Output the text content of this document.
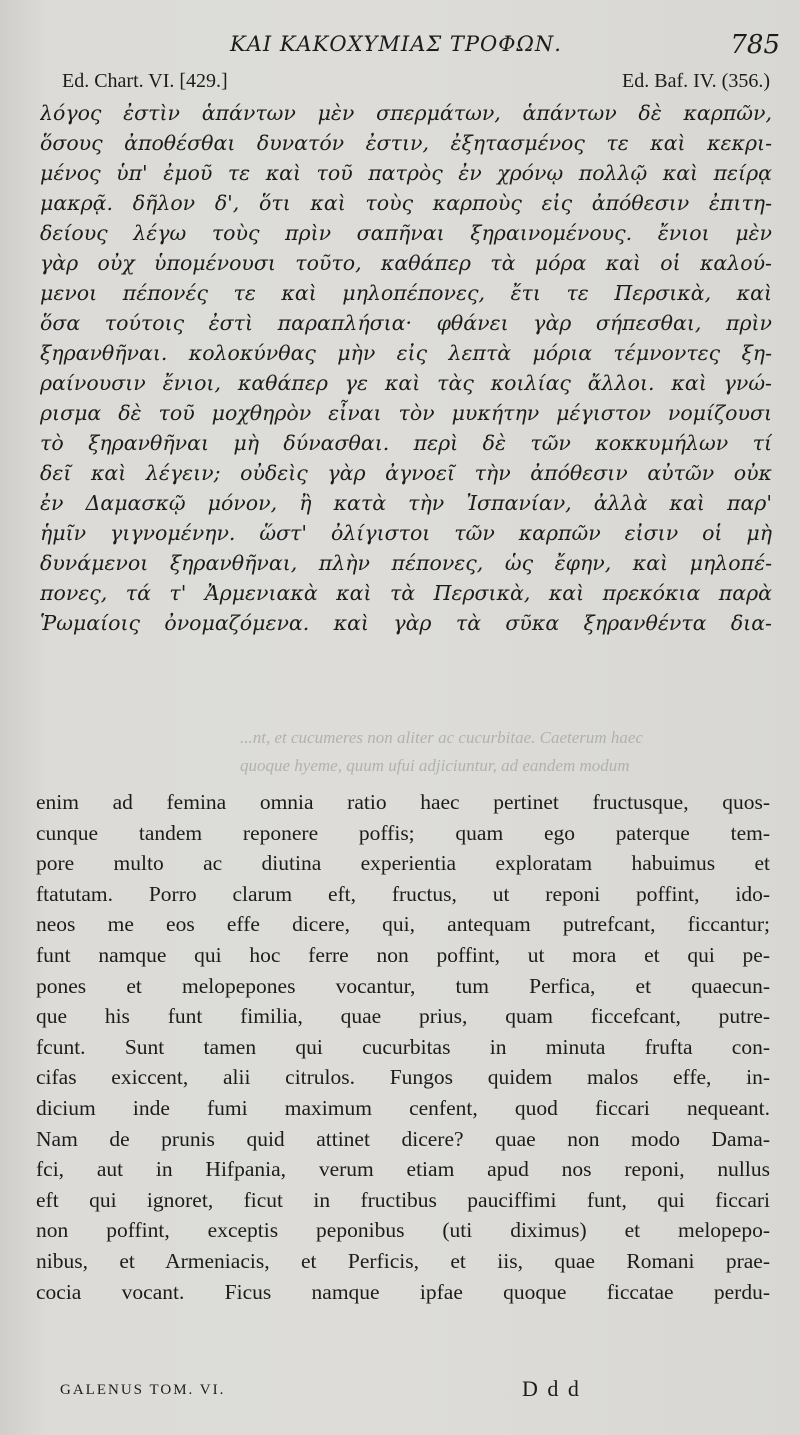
ΚΑΙ ΚΑΚΟΧΥΜΙΑΣ ΤΡΟΦΩΝ.	785
Ed. Chart. VI. [429.]	Ed. Baf. IV. (356.)
λόγος ἐστὶν ἁπάντων μὲν σπερμάτων, ἁπάντων δὲ καρπῶν,
ὅσους ἀποθέσθαι δυνατόν ἐστιν, ἐξητασμένος τε καὶ κεκρι-
μένος ὑπ' ἐμοῦ τε καὶ τοῦ πατρὸς ἐν χρόνῳ πολλῷ καὶ πείρᾳ
μακρᾷ. δῆλον δ', ὅτι καὶ τοὺς καρποὺς εἰς ἀπόθεσιν ἐπιτη-
δείους λέγω τοὺς πρὶν σαπῆναι ξηραινομένους. ἔνιοι μὲν
γὰρ οὐχ ὑπομένουσι τοῦτο, καθάπερ τὰ μόρα καὶ οἱ καλού-
μενοι πέπονές τε καὶ μηλοπέπονες, ἔτι τε Περσικὰ, καὶ
ὅσα τούτοις ἐστὶ παραπλήσια· φθάνει γὰρ σήπεσθαι, πρὶν
ξηρανθῆναι. κολοκύνθας μὴν εἰς λεπτὰ μόρια τέμνοντες ξη-
ραίνουσιν ἔνιοι, καθάπερ γε καὶ τὰς κοιλίας ἄλλοι. καὶ γνώ-
ρισμα δὲ τοῦ μοχθηρὸν εἶναι τὸν μυκήτην μέγιστον νομίζουσι
τὸ ξηρανθῆναι μὴ δύνασθαι. περὶ δὲ τῶν κοκκυμήλων τί
δεῖ καὶ λέγειν; οὐδεὶς γὰρ ἀγνοεῖ τὴν ἀπόθεσιν αὐτῶν οὐκ
ἐν Δαμασκῷ μόνον, ἢ κατὰ τὴν Ἰσπανίαν, ἀλλὰ καὶ παρ'
ἡμῖν γιγνομένην. ὥστ' ὀλίγιστοι τῶν καρπῶν εἰσιν οἱ μὴ
δυνάμενοι ξηρανθῆναι, πλὴν πέπονες, ὡς ἔφην, καὶ μηλοπέ-
πονες, τά τ' Ἀρμενιακὰ καὶ τὰ Περσικὰ, καὶ πρεκόκια παρὰ
Ῥωμαίοις ὀνομαζόμενα. καὶ γὰρ τὰ σῦκα ξηρανθέντα δια-
...nt, et cucumeres non aliter ac cucurbitae. Caeterum haec
quoque hyeme, quum ufui adjiciuntur, ad eandem modum
enim ad femina omnia ratio haec pertinet fructusque, quos-
cunque tandem reponere poffis; quam ego paterque tem-
pore multo ac diutina experientia exploratam habuimus et
ftatutam. Porro clarum eft, fructus, ut reponi poffint, ido-
neos me eos effe dicere, qui, antequam putrefcant, ficcantur;
funt namque qui hoc ferre non poffint, ut mora et qui pe-
pones et melopepones vocantur, tum Perfica, et quaecun-
que his funt fimilia, quae prius, quam ficcefcant, putre-
fcunt. Sunt tamen qui cucurbitas in minuta frufta con-
cifas exiccent, alii citrulos. Fungos quidem malos effe, in-
dicium inde fumi maximum cenfent, quod ficcari nequeant.
Nam de prunis quid attinet dicere? quae non modo Dama-
fci, aut in Hifpania, verum etiam apud nos reponi, nullus
eft qui ignoret, ficut in fructibus pauciffimi funt, qui ficcari
non poffint, exceptis peponibus (uti diximus) et melopepo-
nibus, et Armeniacis, et Perficis, et iis, quae Romani prae-
cocia vocant. Ficus namque ipfae quoque ficcatae perdu-
GALENUS TOM. VI.	D d d
